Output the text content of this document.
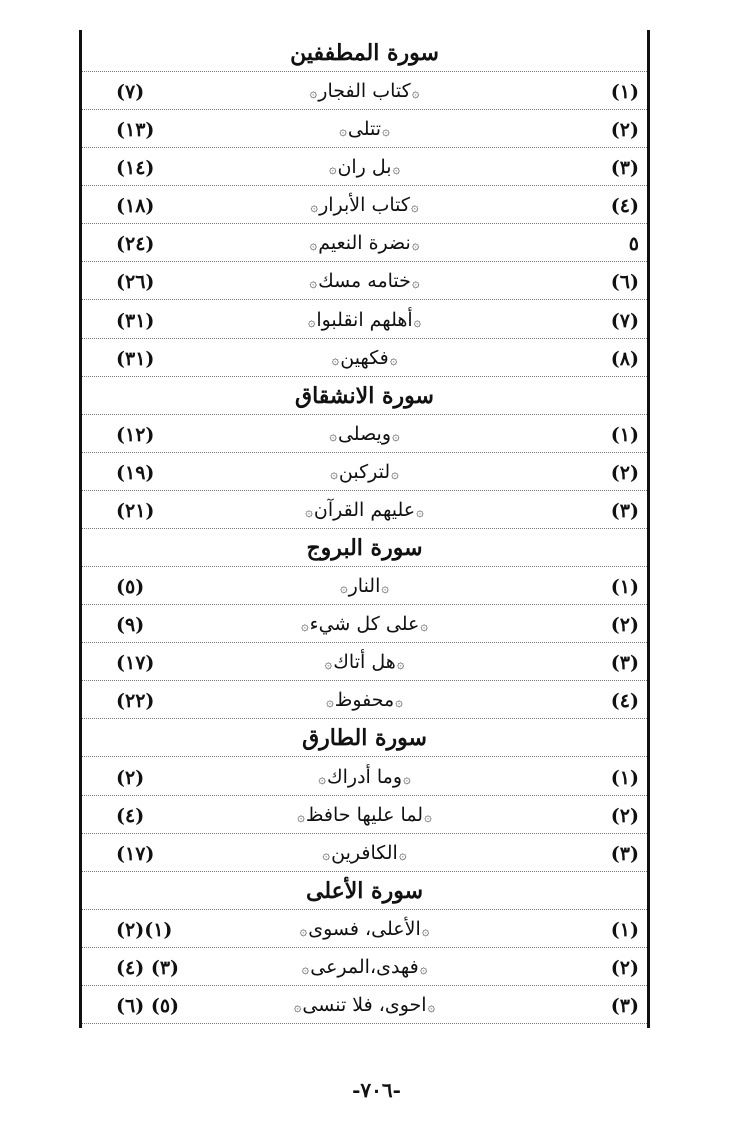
سورة المطففين
(١)
۞كتاب الفجار۞
(٧)
(٢)
۞تتلى۞
(١٣)
(٣)
۞بل ران۞
(١٤)
(٤)
۞كتاب الأبرار۞
(١٨)
٥
۞نضرة النعيم۞
(٢٤)
(٦)
۞ختامه مسك۞
(٢٦)
(٧)
۞أهلهم انقلبوا۞
(٣١)
(٨)
۞فكهين۞
(٣١)
سورة الانشقاق
(١)
۞ويصلى۞
(١٢)
(٢)
۞لتركبن۞
(١٩)
(٣)
۞عليهم القرآن۞
(٢١)
سورة البروج
(١)
۞النار۞
(٥)
(٢)
۞على كل شيء۞
(٩)
(٣)
۞هل أتاك۞
(١٧)
(٤)
۞محفوظ۞
(٢٢)
سورة الطارق
(١)
۞وما أدراك۞
(٢)
(٢)
۞لما عليها حافظ۞
(٤)
(٣)
۞الكافرين۞
(١٧)
سورة الأعلى
(١)
۞الأعلى، فسوى۞
(١)(٢)
(٢)
۞فهدى،المرعى۞
(٣) (٤)
(٣)
۞احوى، فلا تنسى۞
(٥) (٦)
-٧٠٦-
